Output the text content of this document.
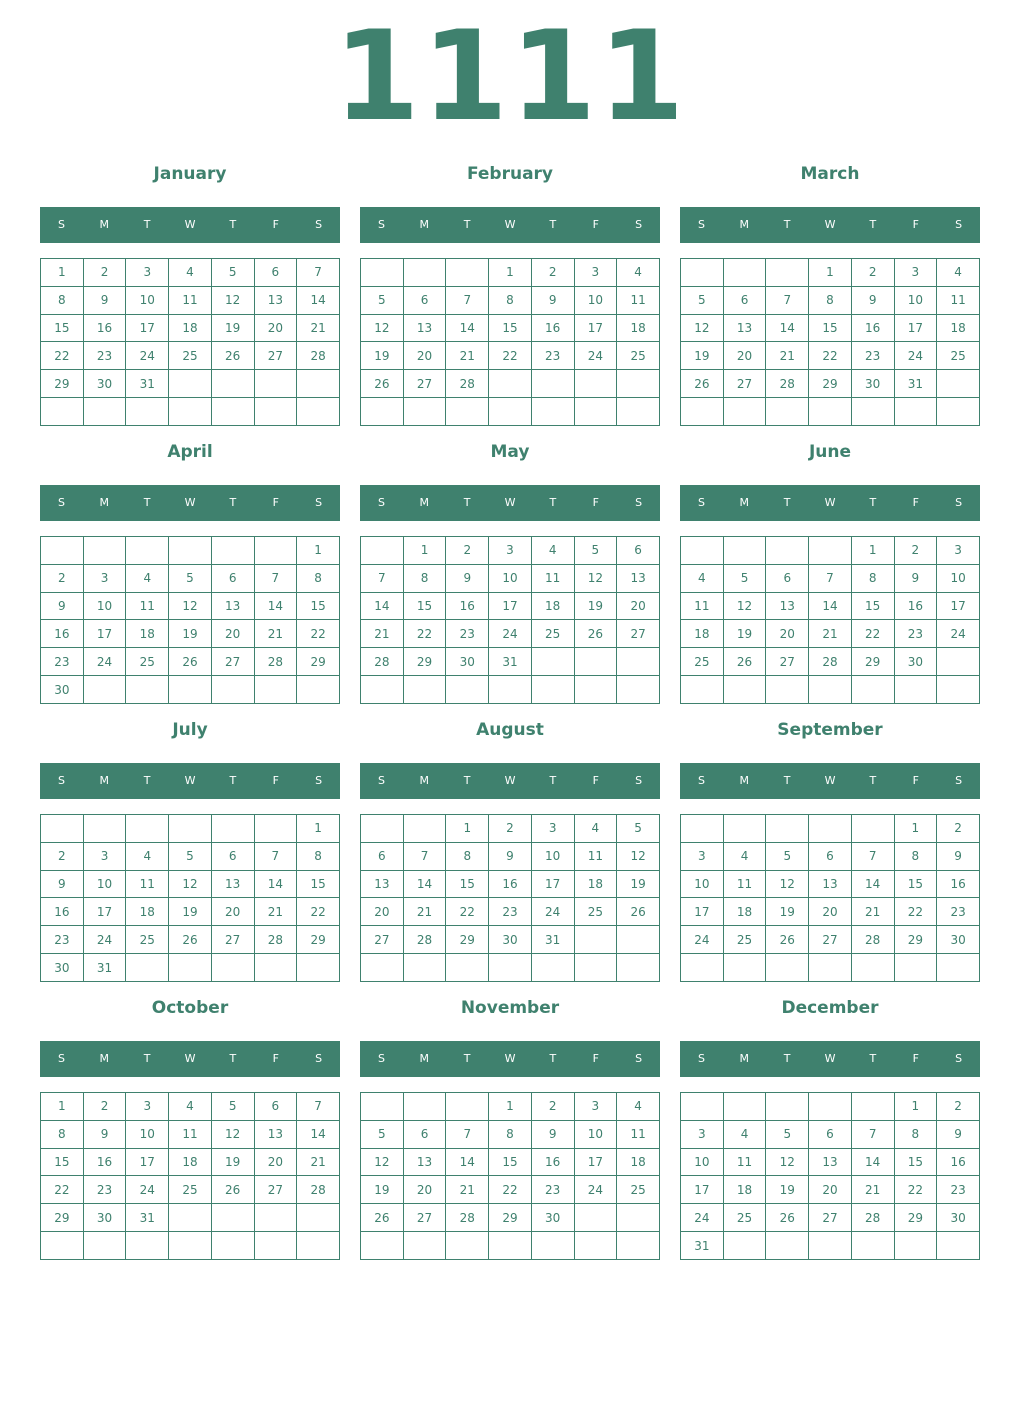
1111
January
S	M	T	W	T	F	S
1	2	3	4	5	6	7
8	9	10	11	12	13	14
15	16	17	18	19	20	21
22	23	24	25	26	27	28
29	30	31				

February
S	M	T	W	T	F	S
			1	2	3	4
5	6	7	8	9	10	11
12	13	14	15	16	17	18
19	20	21	22	23	24	25
26	27	28				

March
S	M	T	W	T	F	S
			1	2	3	4
5	6	7	8	9	10	11
12	13	14	15	16	17	18
19	20	21	22	23	24	25
26	27	28	29	30	31	

April
S	M	T	W	T	F	S
						1
2	3	4	5	6	7	8
9	10	11	12	13	14	15
16	17	18	19	20	21	22
23	24	25	26	27	28	29
30						
May
S	M	T	W	T	F	S
	1	2	3	4	5	6
7	8	9	10	11	12	13
14	15	16	17	18	19	20
21	22	23	24	25	26	27
28	29	30	31			

June
S	M	T	W	T	F	S
				1	2	3
4	5	6	7	8	9	10
11	12	13	14	15	16	17
18	19	20	21	22	23	24
25	26	27	28	29	30	

July
S	M	T	W	T	F	S
						1
2	3	4	5	6	7	8
9	10	11	12	13	14	15
16	17	18	19	20	21	22
23	24	25	26	27	28	29
30	31					
August
S	M	T	W	T	F	S
		1	2	3	4	5
6	7	8	9	10	11	12
13	14	15	16	17	18	19
20	21	22	23	24	25	26
27	28	29	30	31		

September
S	M	T	W	T	F	S
					1	2
3	4	5	6	7	8	9
10	11	12	13	14	15	16
17	18	19	20	21	22	23
24	25	26	27	28	29	30

October
S	M	T	W	T	F	S
1	2	3	4	5	6	7
8	9	10	11	12	13	14
15	16	17	18	19	20	21
22	23	24	25	26	27	28
29	30	31				

November
S	M	T	W	T	F	S
			1	2	3	4
5	6	7	8	9	10	11
12	13	14	15	16	17	18
19	20	21	22	23	24	25
26	27	28	29	30		

December
S	M	T	W	T	F	S
					1	2
3	4	5	6	7	8	9
10	11	12	13	14	15	16
17	18	19	20	21	22	23
24	25	26	27	28	29	30
31						
